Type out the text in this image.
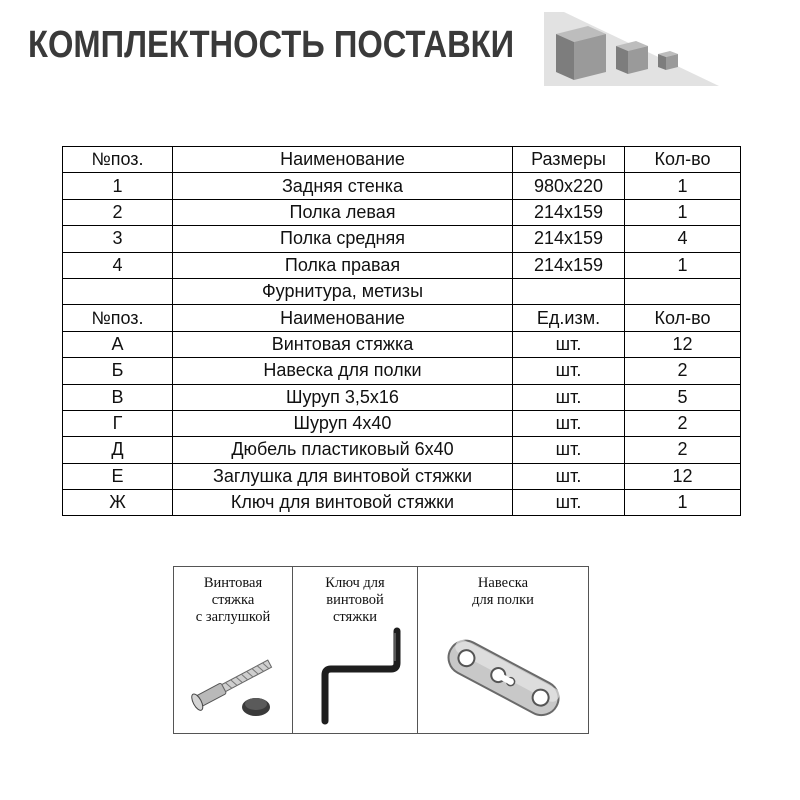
КОМПЛЕКТНОСТЬ ПОСТАВКИ
№поз.	Наименование	Размеры	Кол-во
1	Задняя стенка	980x220	1
2	Полка левая	214x159	1
3	Полка средняя	214x159	4
4	Полка правая	214x159	1
	Фурнитура, метизы		
№поз.	Наименование	Ед.изм.	Кол-во
А	Винтовая стяжка	шт.	12
Б	Навеска для полки	шт.	2
В	Шуруп 3,5x16	шт.	5
Г	Шуруп 4x40	шт.	2
Д	Дюбель пластиковый 6x40	шт.	2
Е	Заглушка для винтовой стяжки	шт.	12
Ж	Ключ для винтовой стяжки	шт.	1
Винтовая
стяжка
с заглушкой
Ключ для
винтовой
стяжки
Навеска
для полки
